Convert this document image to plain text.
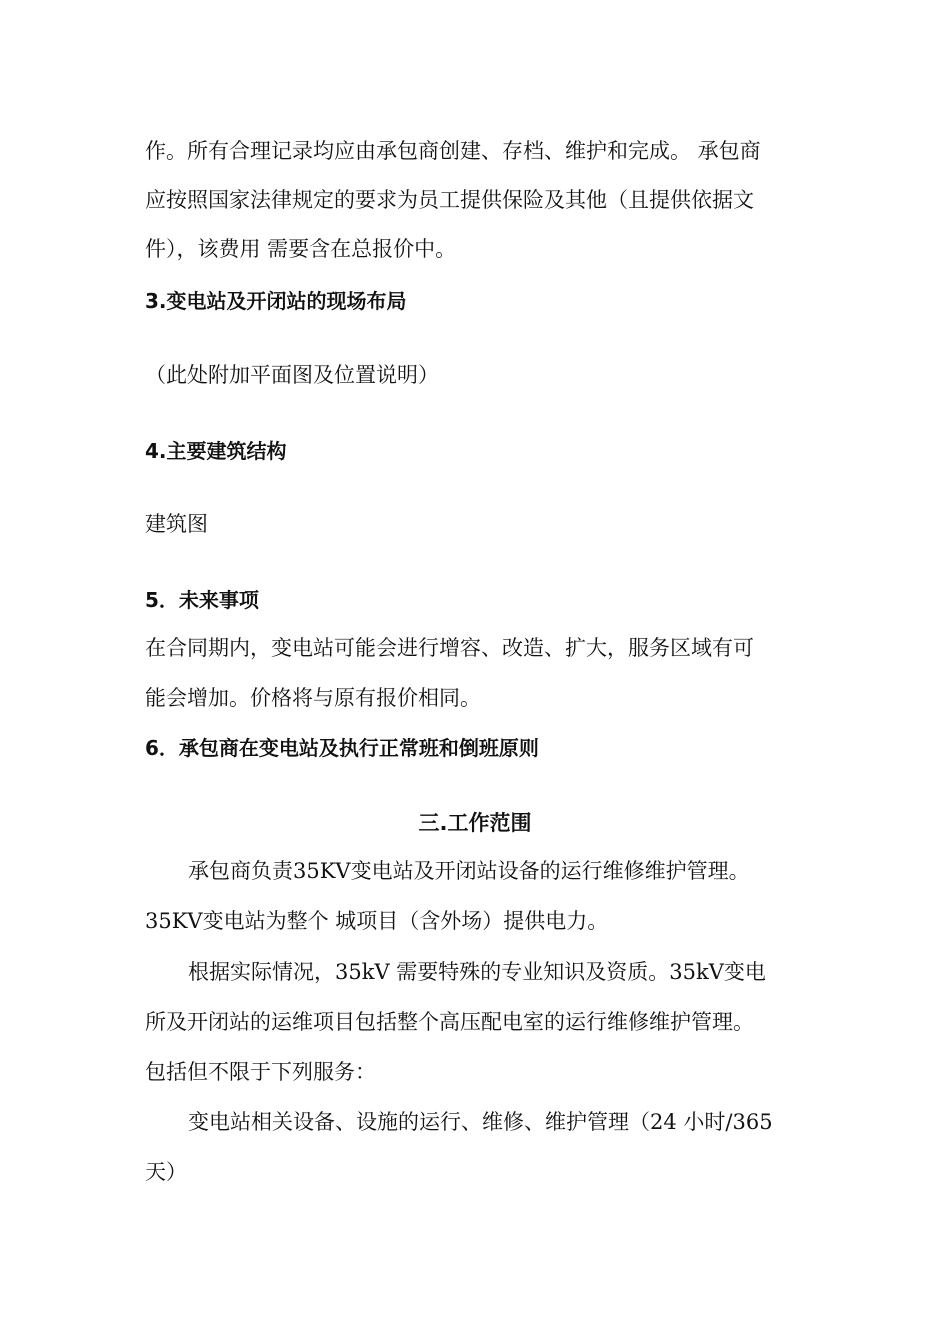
作。所有合理记录均应由承包商创建、存档、维护和完成。 承包商
应按照国家法律规定的要求为员工提供保险及其他（且提供依据文
件），该费用 需要含在总报价中。
3.变电站及开闭站的现场布局
（此处附加平面图及位置说明）
4.主要建筑结构
建筑图
5．未来事项
在合同期内，变电站可能会进行增容、改造、扩大，服务区域有可
能会增加。价格将与原有报价相同。
6．承包商在变电站及执行正常班和倒班原则
三.工作范围
承包商负责35KV变电站及开闭站设备的运行维修维护管理。
35KV变电站为整个 城项目（含外场）提供电力。
根据实际情况，35kV 需要特殊的专业知识及资质。35kV变电
所及开闭站的运维项目包括整个高压配电室的运行维修维护管理。
包括但不限于下列服务：
变电站相关设备、设施的运行、维修、维护管理（24 小时/365
天）
